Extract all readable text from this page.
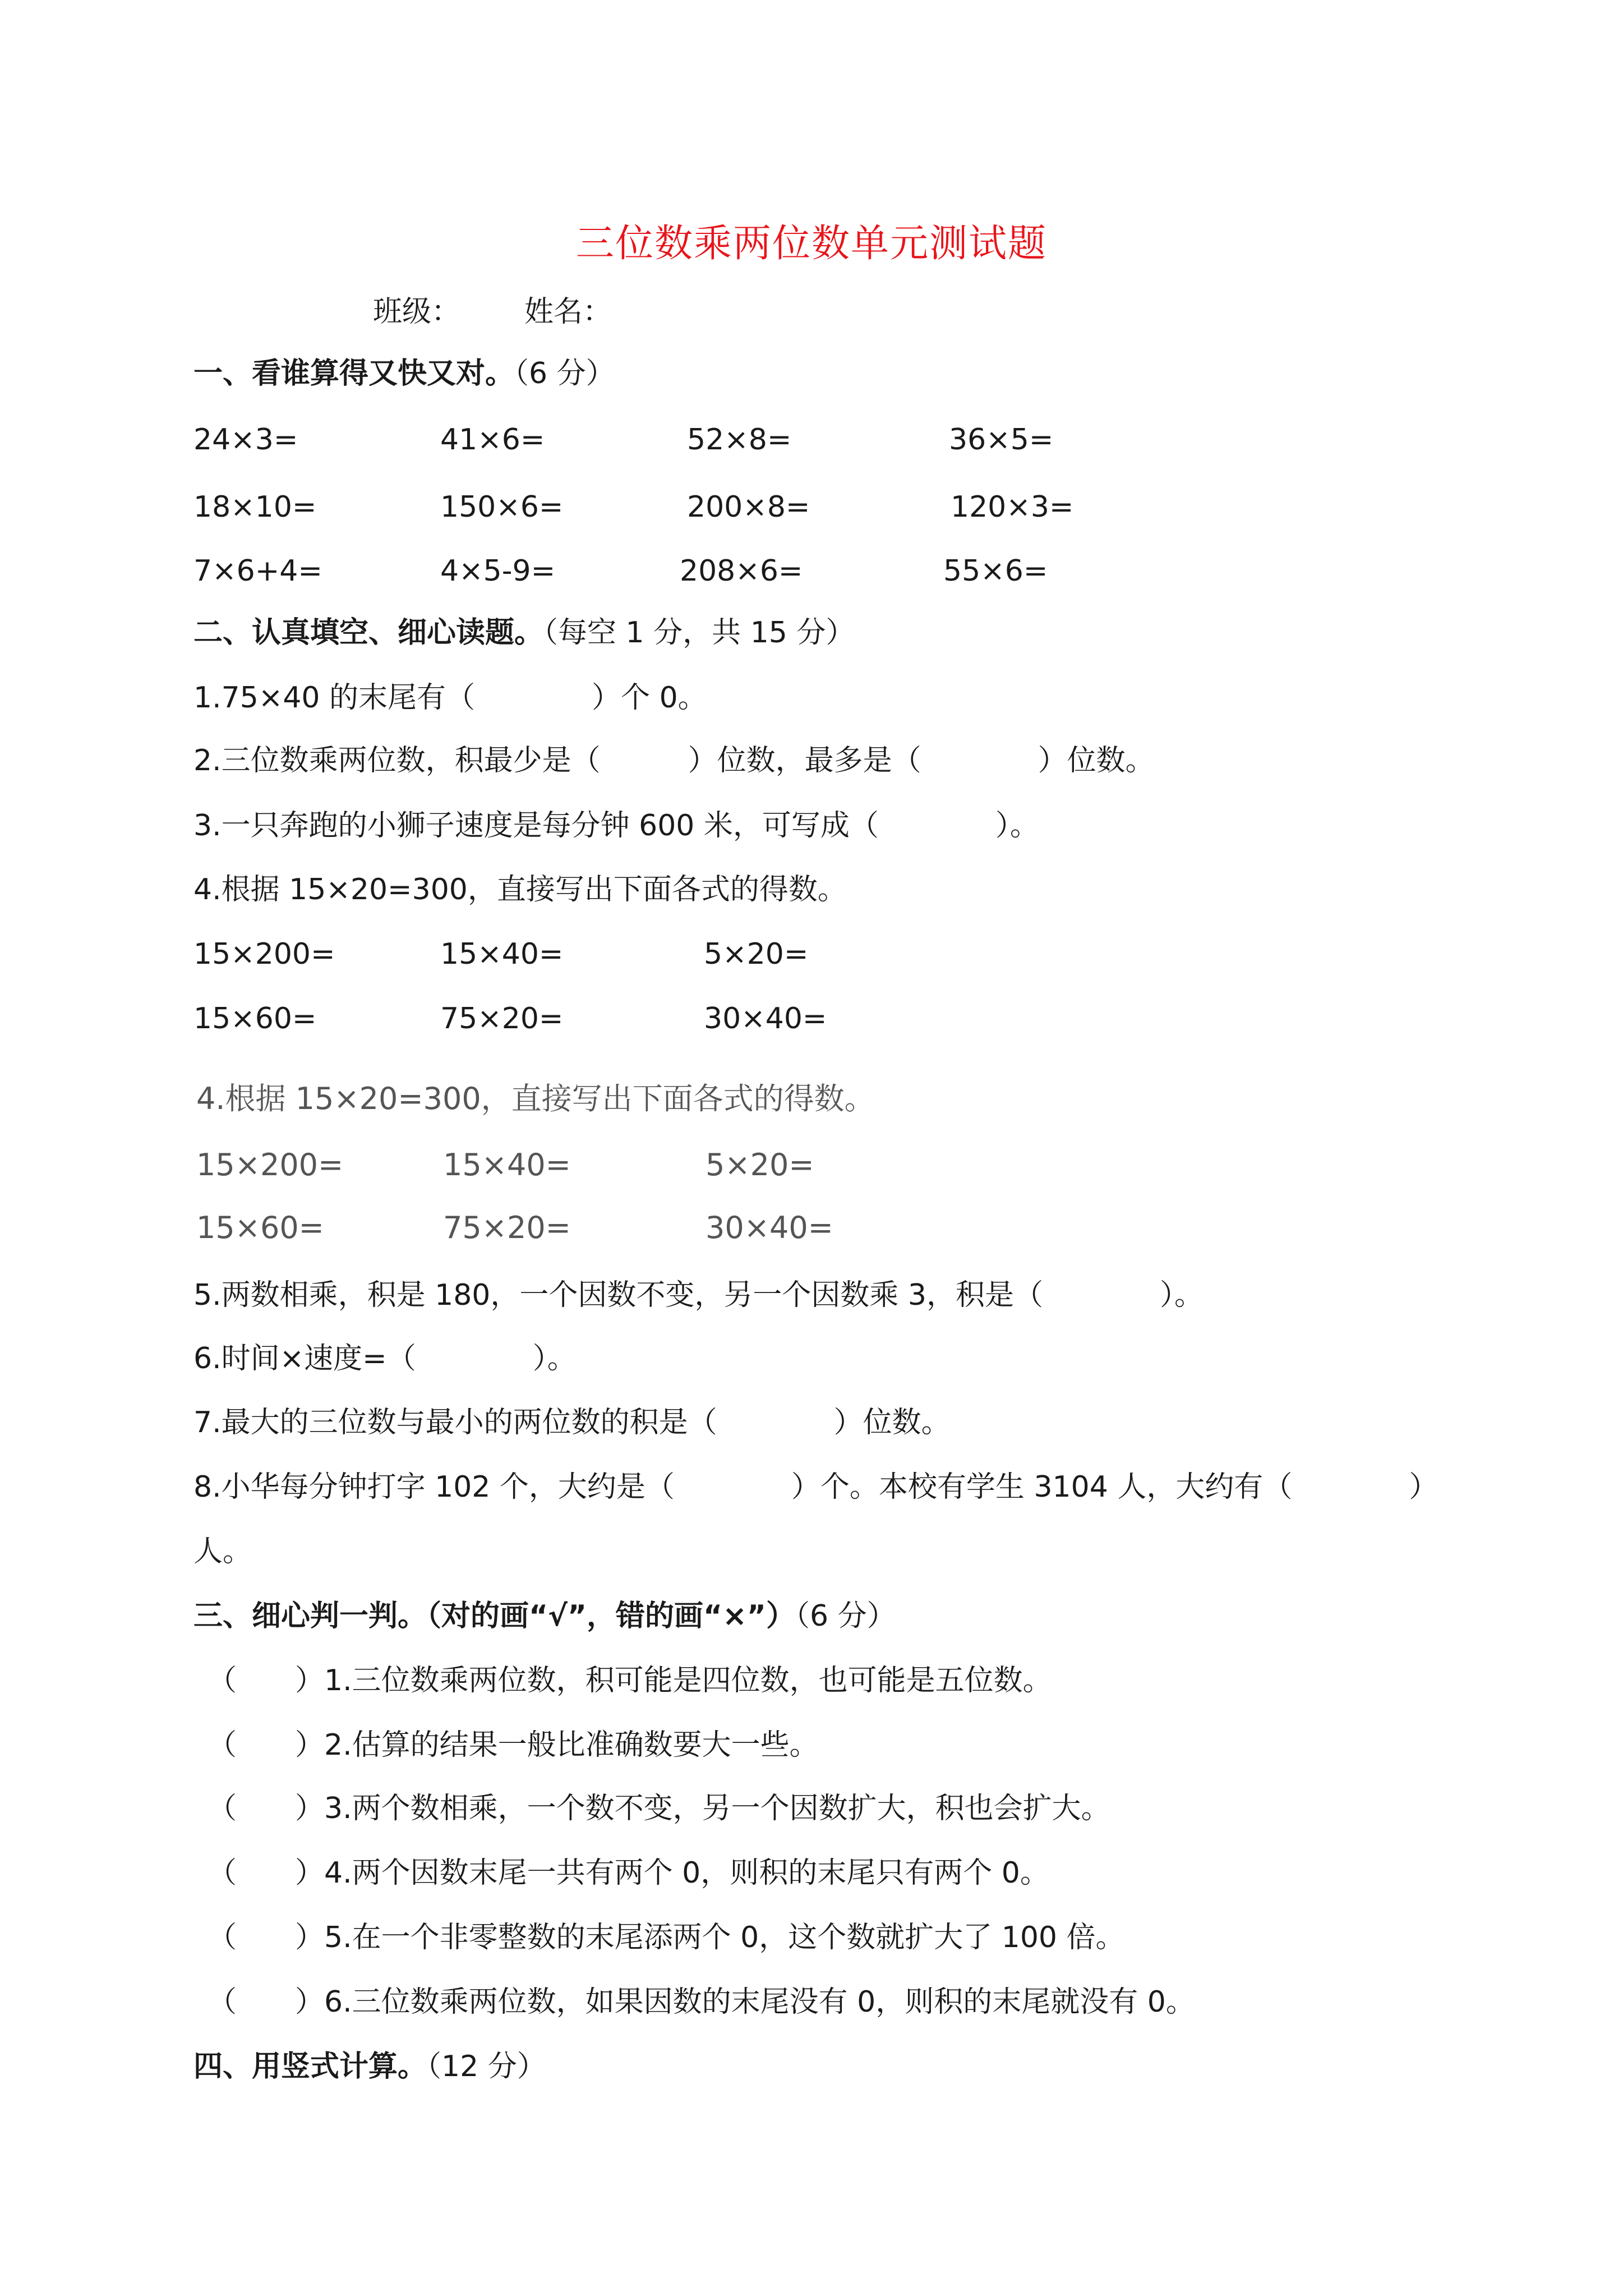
三位数乘两位数单元测试题
班级： 姓名：
一、看谁算得又快又对。（6 分）
24×3=	41×6=	52×8=	36×5=
18×10=	150×6=	200×8=	120×3=
7×6+4=	4×5-9=	208×6=	55×6=
二、认真填空、细心读题。（每空 1 分，共 15 分）
1.75×40 的末尾有（　　　　）个 0。
2.三位数乘两位数，积最少是（　　　）位数，最多是（　　　　）位数。
3.一只奔跑的小狮子速度是每分钟 600 米，可写成（　　　　）。
4.根据 15×20=300，直接写出下面各式的得数。
15×200=	15×40=	5×20=
15×60=	75×20=	30×40=
4.根据 15×20=300，直接写出下面各式的得数。
15×200=	15×40=	5×20=
15×60=	75×20=	30×40=
5.两数相乘，积是 180，一个因数不变，另一个因数乘 3，积是（　　　　）。
6.时间×速度=（　　　　）。
7.最大的三位数与最小的两位数的积是（　　　　）位数。
8.小华每分钟打字 102 个，大约是（　　　　）个。本校有学生 3104 人，大约有（　　　　）
人。
三、细心判一判。（对的画“√”，错的画“×”）（6 分）
（　　）1.三位数乘两位数，积可能是四位数，也可能是五位数。
（　　）2.估算的结果一般比准确数要大一些。
（　　）3.两个数相乘，一个数不变，另一个因数扩大，积也会扩大。
（　　）4.两个因数末尾一共有两个 0，则积的末尾只有两个 0。
（　　）5.在一个非零整数的末尾添两个 0，这个数就扩大了 100 倍。
（　　）6.三位数乘两位数，如果因数的末尾没有 0，则积的末尾就没有 0。
四、用竖式计算。（12 分）
